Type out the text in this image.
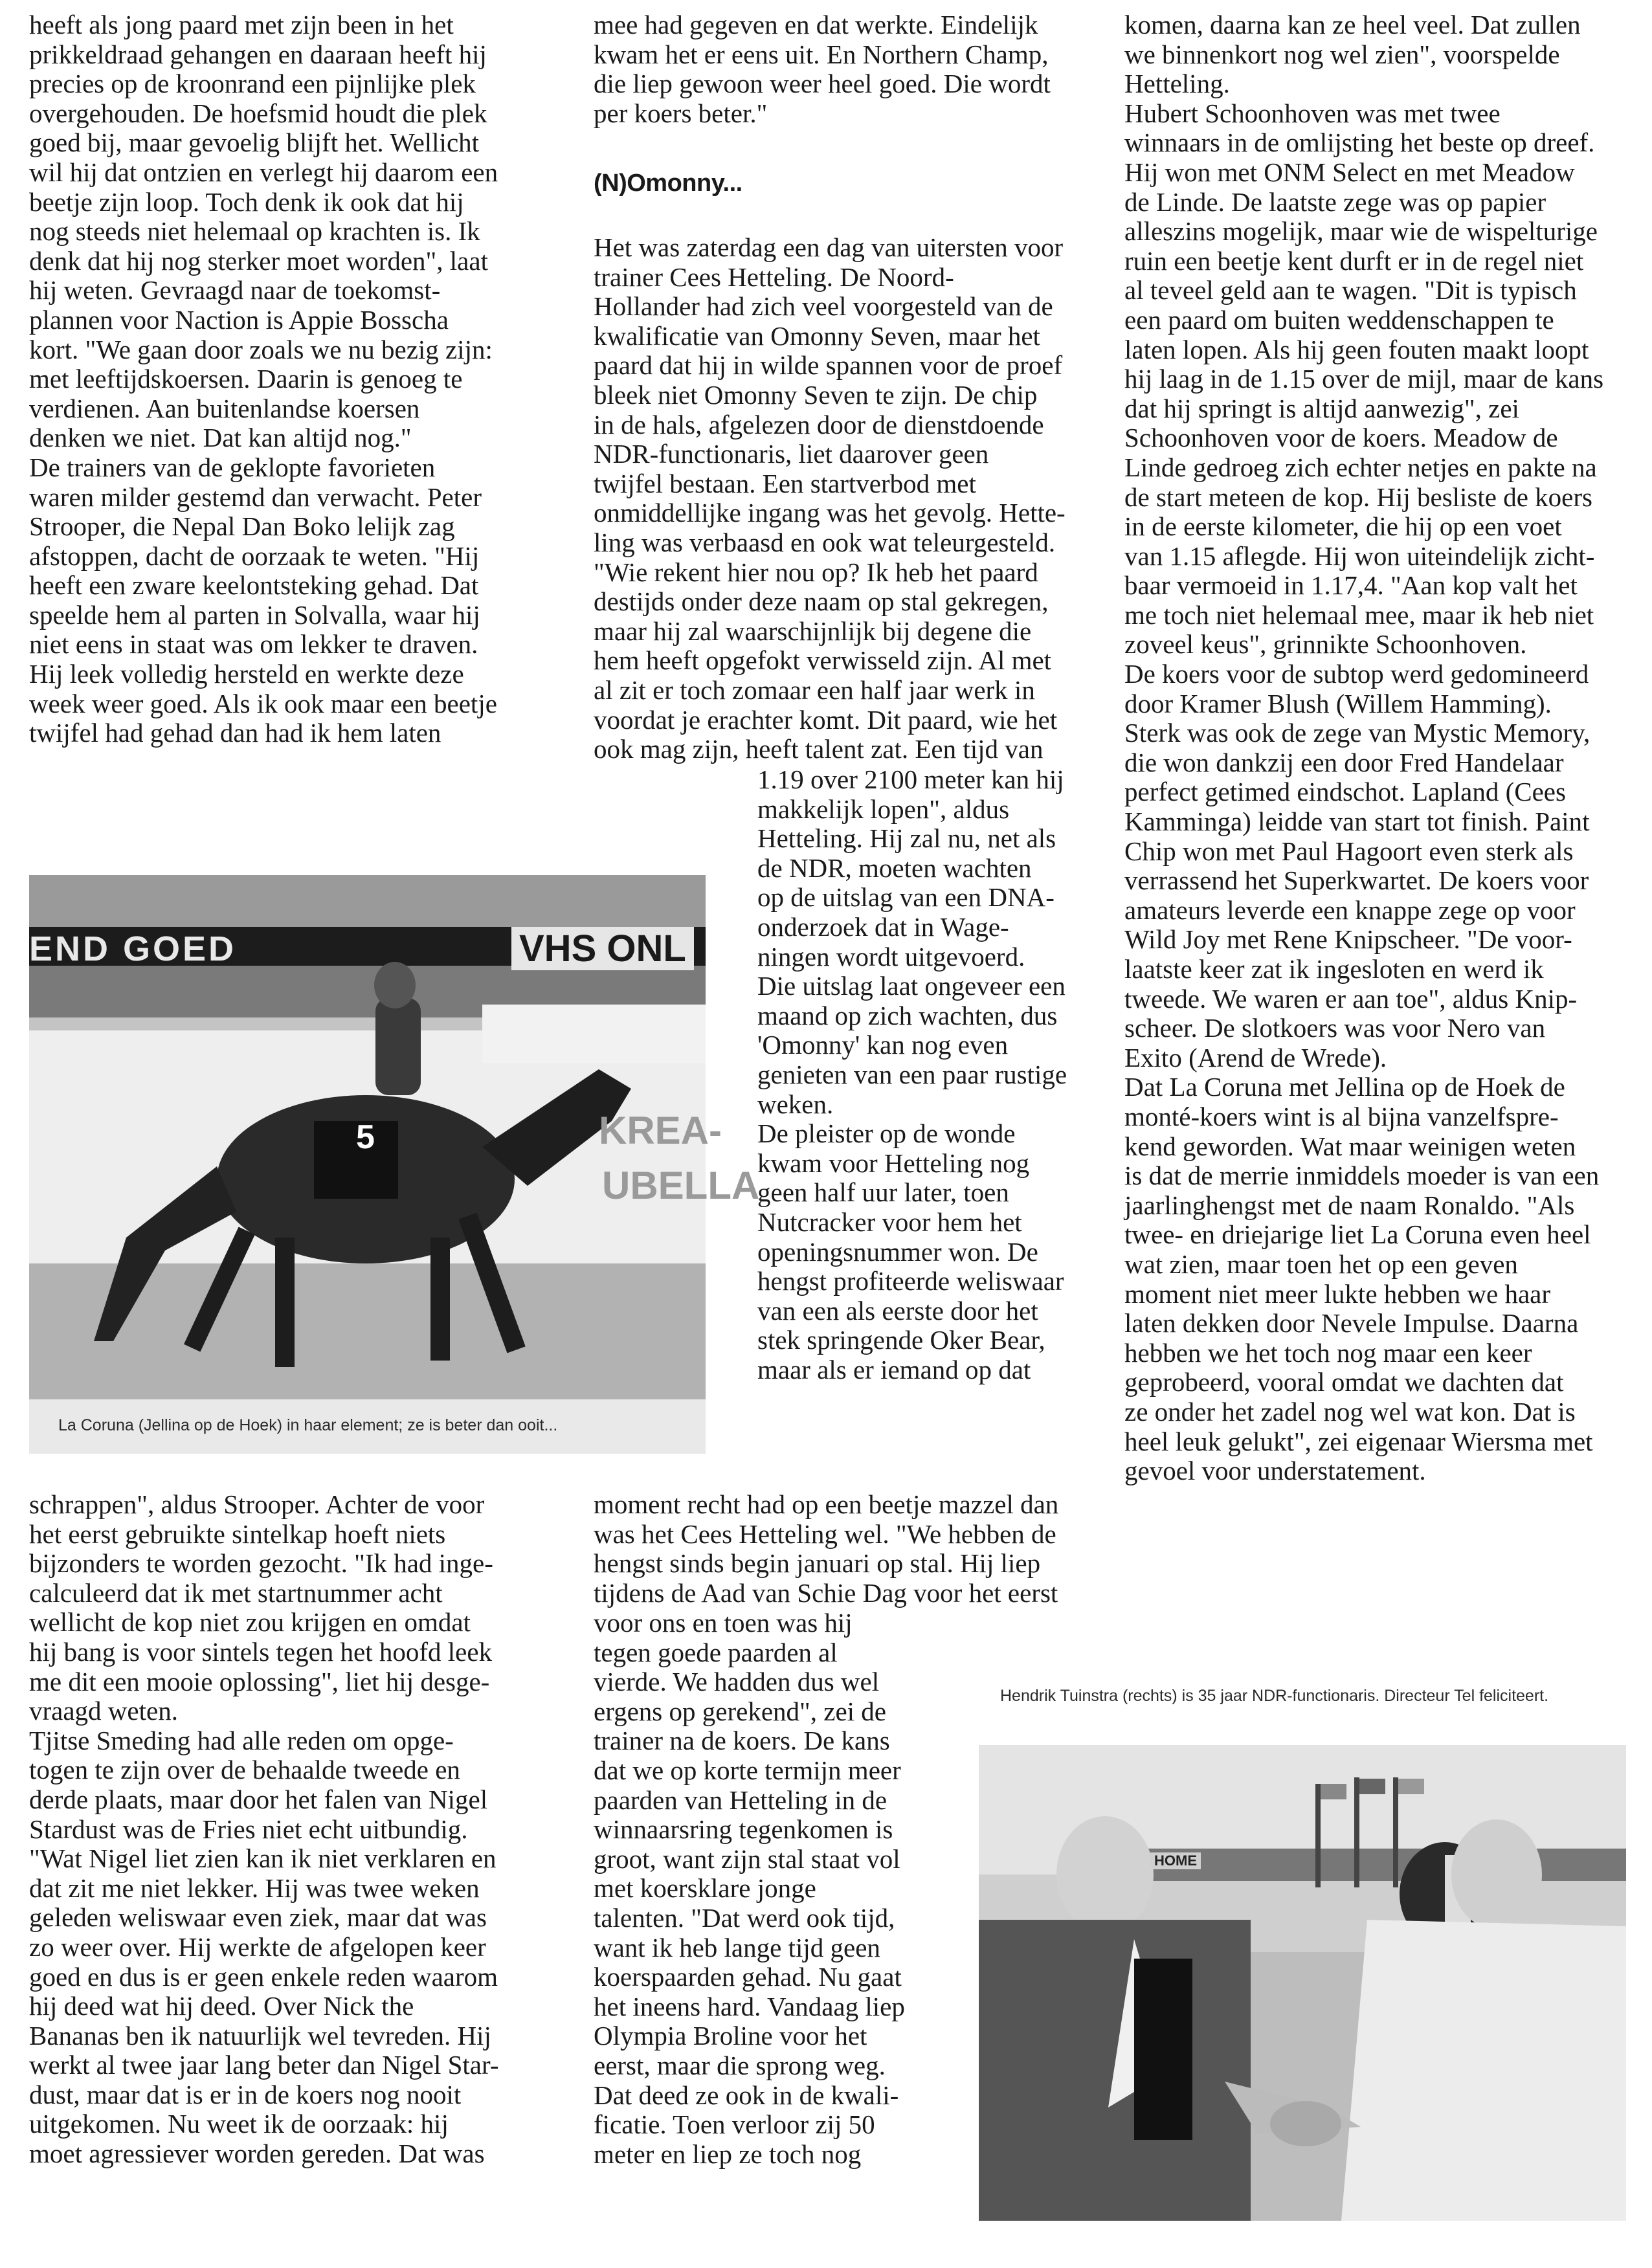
heeft als jong paard met zijn been in het
prikkeldraad gehangen en daaraan heeft hij
precies op de kroonrand een pijnlijke plek
overgehouden. De hoefsmid houdt die plek
goed bij, maar gevoelig blijft het. Wellicht
wil hij dat ontzien en verlegt hij daarom een
beetje zijn loop. Toch denk ik ook dat hij
nog steeds niet helemaal op krachten is. Ik
denk dat hij nog sterker moet worden", laat
hij weten. Gevraagd naar de toekomst-
plannen voor Naction is Appie Bosscha
kort. "We gaan door zoals we nu bezig zijn:
met leeftijdskoersen. Daarin is genoeg te
verdienen. Aan buitenlandse koersen
denken we niet. Dat kan altijd nog."
De trainers van de geklopte favorieten
waren milder gestemd dan verwacht. Peter
Strooper, die Nepal Dan Boko lelijk zag
afstoppen, dacht de oorzaak te weten. "Hij
heeft een zware keelontsteking gehad. Dat
speelde hem al parten in Solvalla, waar hij
niet eens in staat was om lekker te draven.
Hij leek volledig hersteld en werkte deze
week weer goed. Als ik ook maar een beetje
twijfel had gehad dan had ik hem laten
END GOED	VHS ONL
KREA-
UBELLA
5
La Coruna (Jellina op de Hoek) in haar element; ze is beter dan ooit...
schrappen", aldus Strooper. Achter de voor
het eerst gebruikte sintelkap hoeft niets
bijzonders te worden gezocht. "Ik had inge-
calculeerd dat ik met startnummer acht
wellicht de kop niet zou krijgen en omdat
hij bang is voor sintels tegen het hoofd leek
me dit een mooie oplossing", liet hij desgе-
vraagd weten.
Tjitse Smeding had alle reden om opge-
togen te zijn over de behaalde tweede en
derde plaats, maar door het falen van Nigel
Stardust was de Fries niet echt uitbundig.
"Wat Nigel liet zien kan ik niet verklaren en
dat zit me niet lekker. Hij was twee weken
geleden weliswaar even ziek, maar dat was
zo weer over. Hij werkte de afgelopen keer
goed en dus is er geen enkele reden waarom
hij deed wat hij deed. Over Nick the
Bananas ben ik natuurlijk wel tevreden. Hij
werkt al twee jaar lang beter dan Nigel Star-
dust, maar dat is er in de koers nog nooit
uitgekomen. Nu weet ik de oorzaak: hij
moet agressiever worden gereden. Dat was
mee had gegeven en dat werkte. Eindelijk
kwam het er eens uit. En Northern Champ,
die liep gewoon weer heel goed. Die wordt
per koers beter."
(N)Omonny...
Het was zaterdag een dag van uitersten voor
trainer Cees Hetteling. De Noord-
Hollander had zich veel voorgesteld van de
kwalificatie van Omonny Seven, maar het
paard dat hij in wilde spannen voor de proef
bleek niet Omonny Seven te zijn. De chip
in de hals, afgelezen door de dienstdoende
NDR-functionaris, liet daarover geen
twijfel bestaan. Een startverbod met
onmiddellijke ingang was het gevolg. Hette-
ling was verbaasd en ook wat teleurgesteld.
"Wie rekent hier nou op? Ik heb het paard
destijds onder deze naam op stal gekregen,
maar hij zal waarschijnlijk bij degene die
hem heeft opgefokt verwisseld zijn. Al met
al zit er toch zomaar een half jaar werk in
voordat je erachter komt. Dit paard, wie het
ook mag zijn, heeft talent zat. Een tijd van
1.19 over 2100 meter kan hij
makkelijk lopen", aldus
Hetteling. Hij zal nu, net als
de NDR, moeten wachten
op de uitslag van een DNA-
onderzoek dat in Wage-
ningen wordt uitgevoerd.
Die uitslag laat ongeveer een
maand op zich wachten, dus
'Omonny' kan nog even
genieten van een paar rustige
weken.
De pleister op de wonde
kwam voor Hetteling nog
geen half uur later, toen
Nutcracker voor hem het
openingsnummer won. De
hengst profiteerde weliswaar
van een als eerste door het
stek springende Oker Bear,
maar als er iemand op dat
moment recht had op een beetje mazzel dan
was het Cees Hetteling wel. "We hebben de
hengst sinds begin januari op stal. Hij liep
tijdens de Aad van Schie Dag voor het eerst
voor ons en toen was hij
tegen goede paarden al
vierde. We hadden dus wel
ergens op gerekend", zei de
trainer na de koers. De kans
dat we op korte termijn meer
paarden van Hetteling in de
winnaarsring tegenkomen is
groot, want zijn stal staat vol
met koersklare jonge
talenten. "Dat werd ook tijd,
want ik heb lange tijd geen
koerspaarden gehad. Nu gaat
het ineens hard. Vandaag liep
Olympia Broline voor het
eerst, maar die sprong weg.
Dat deed ze ook in de kwali-
ficatie. Toen verloor zij 50
meter en liep ze toch nog
komen, daarna kan ze heel veel. Dat zullen
we binnenkort nog wel zien", voorspelde
Hetteling.
Hubert Schoonhoven was met twee
winnaars in de omlijsting het beste op dreef.
Hij won met ONM Select en met Meadow
de Linde. De laatste zege was op papier
alleszins mogelijk, maar wie de wispelturige
ruin een beetje kent durft er in de regel niet
al teveel geld aan te wagen. "Dit is typisch
een paard om buiten weddenschappen te
laten lopen. Als hij geen fouten maakt loopt
hij laag in de 1.15 over de mijl, maar de kans
dat hij springt is altijd aanwezig", zei
Schoonhoven voor de koers. Meadow de
Linde gedroeg zich echter netjes en pakte na
de start meteen de kop. Hij besliste de koers
in de eerste kilometer, die hij op een voet
van 1.15 aflegde. Hij won uiteindelijk zicht-
baar vermoeid in 1.17,4. "Aan kop valt het
me toch niet helemaal mee, maar ik heb niet
zoveel keus", grinnikte Schoonhoven.
De koers voor de subtop werd gedomineerd
door Kramer Blush (Willem Hamming).
Sterk was ook de zege van Mystic Memory,
die won dankzij een door Fred Handelaar
perfect getimed eindschot. Lapland (Cees
Kamminga) leidde van start tot finish. Paint
Chip won met Paul Hagoort even sterk als
verrassend het Superkwartet. De koers voor
amateurs leverde een knappe zege op voor
Wild Joy met Rene Knipscheer. "De voor-
laatste keer zat ik ingesloten en werd ik
tweede. We waren er aan toe", aldus Knip-
scheer. De slotkoers was voor Nero van
Exito (Arend de Wrede).
Dat La Coruna met Jellina op de Hoek de
monté-koers wint is al bijna vanzelfspre-
kend geworden. Wat maar weinigen weten
is dat de merrie inmiddels moeder is van een
jaarlinghengst met de naam Ronaldo. "Als
twee- en driejarige liet La Coruna even heel
wat zien, maar toen het op een geven
moment niet meer lukte hebben we haar
laten dekken door Nevele Impulse. Daarna
hebben we het toch nog maar een keer
geprobeerd, vooral omdat we dachten dat
ze onder het zadel nog wel wat kon. Dat is
heel leuk gelukt", zei eigenaar Wiersma met
gevoel voor understatement.
Hendrik Tuinstra (rechts) is 35 jaar NDR-functionaris. Directeur Tel feliciteert.
HOME
